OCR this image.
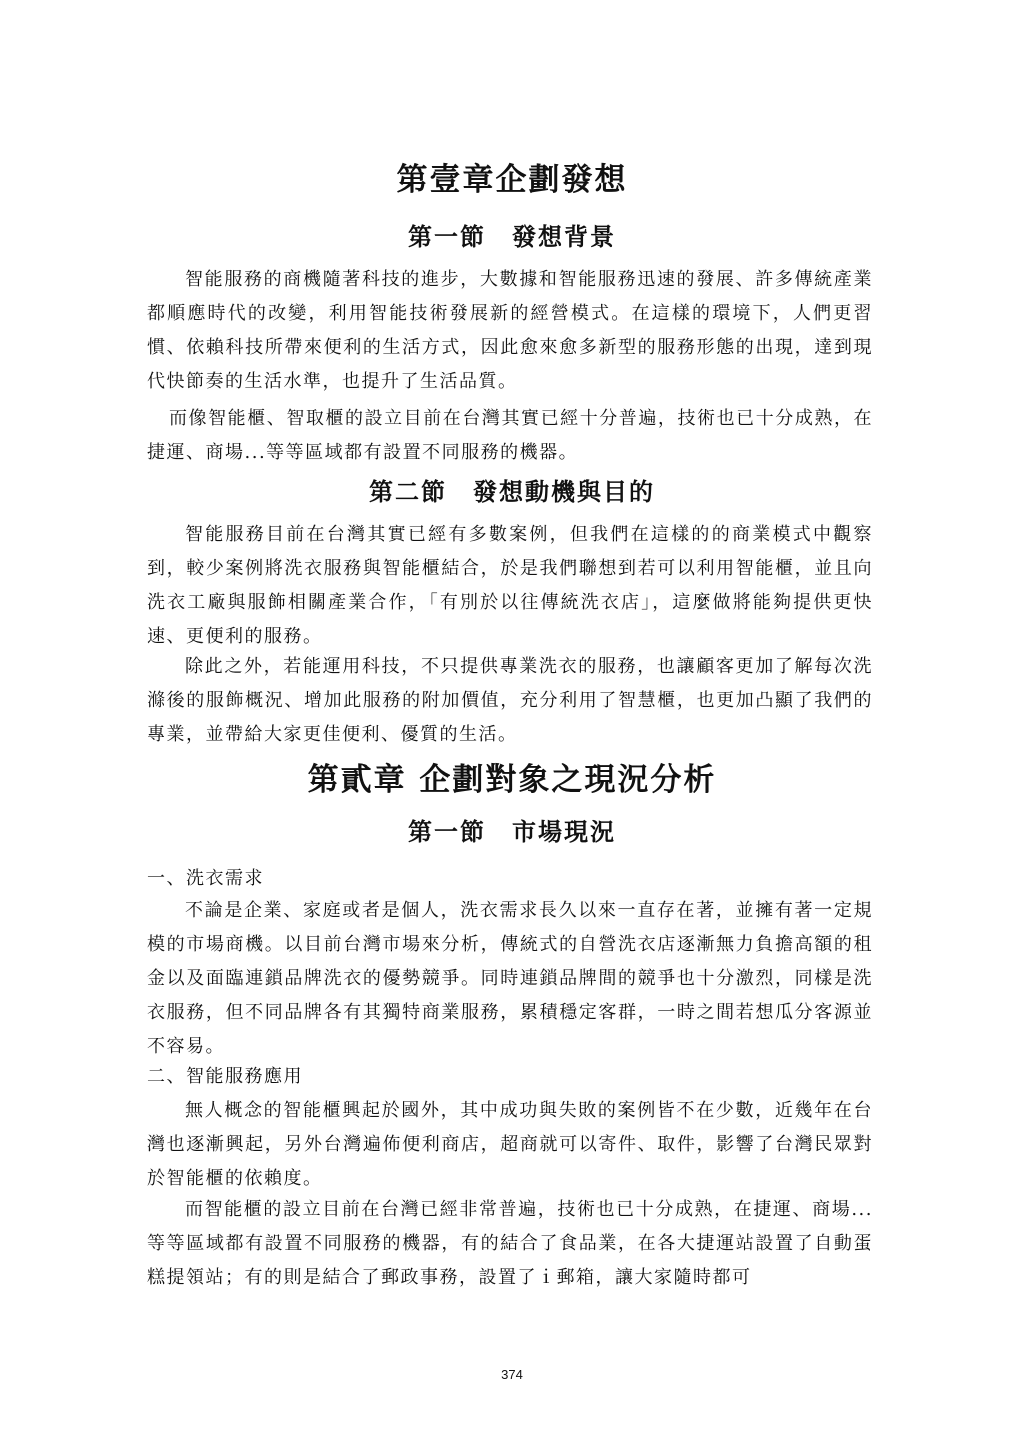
第壹章企劃發想
第一節　發想背景

智能服務的商機隨著科技的進步，大數據和智能服務迅速的發展、許多傳統產業都順應時代的改變，利用智能技術發展新的經營模式。在這樣的環境下，人們更習慣、依賴科技所帶來便利的生活方式，因此愈來愈多新型的服務形態的出現，達到現代快節奏的生活水準，也提升了生活品質。

而像智能櫃、智取櫃的設立目前在台灣其實已經十分普遍，技術也已十分成熟，在捷運、商場...等等區域都有設置不同服務的機器。

第二節　發想動機與目的

智能服務目前在台灣其實已經有多數案例，但我們在這樣的的商業模式中觀察到，較少案例將洗衣服務與智能櫃結合，於是我們聯想到若可以利用智能櫃，並且向洗衣工廠與服飾相關產業合作，「有別於以往傳統洗衣店」，這麼做將能夠提供更快速、更便利的服務。

除此之外，若能運用科技，不只提供專業洗衣的服務，也讓顧客更加了解每次洗滌後的服飾概況、增加此服務的附加價值，充分利用了智慧櫃，也更加凸顯了我們的專業，並帶給大家更佳便利、優質的生活。

第貳章 企劃對象之現況分析
第一節　市場現況
一、洗衣需求

不論是企業、家庭或者是個人，洗衣需求長久以來一直存在著，並擁有著一定規模的市場商機。以目前台灣市場來分析，傳統式的自營洗衣店逐漸無力負擔高額的租金以及面臨連鎖品牌洗衣的優勢競爭。同時連鎖品牌間的競爭也十分激烈，同樣是洗衣服務，但不同品牌各有其獨特商業服務，累積穩定客群，一時之間若想瓜分客源並不容易。

二、智能服務應用

無人概念的智能櫃興起於國外，其中成功與失敗的案例皆不在少數，近幾年在台灣也逐漸興起，另外台灣遍佈便利商店，超商就可以寄件、取件，影響了台灣民眾對於智能櫃的依賴度。

而智能櫃的設立目前在台灣已經非常普遍，技術也已十分成熟，在捷運、商場...等等區域都有設置不同服務的機器，有的結合了食品業，在各大捷運站設置了自動蛋糕提領站；有的則是結合了郵政事務，設置了ｉ郵箱，讓大家隨時都可

374
